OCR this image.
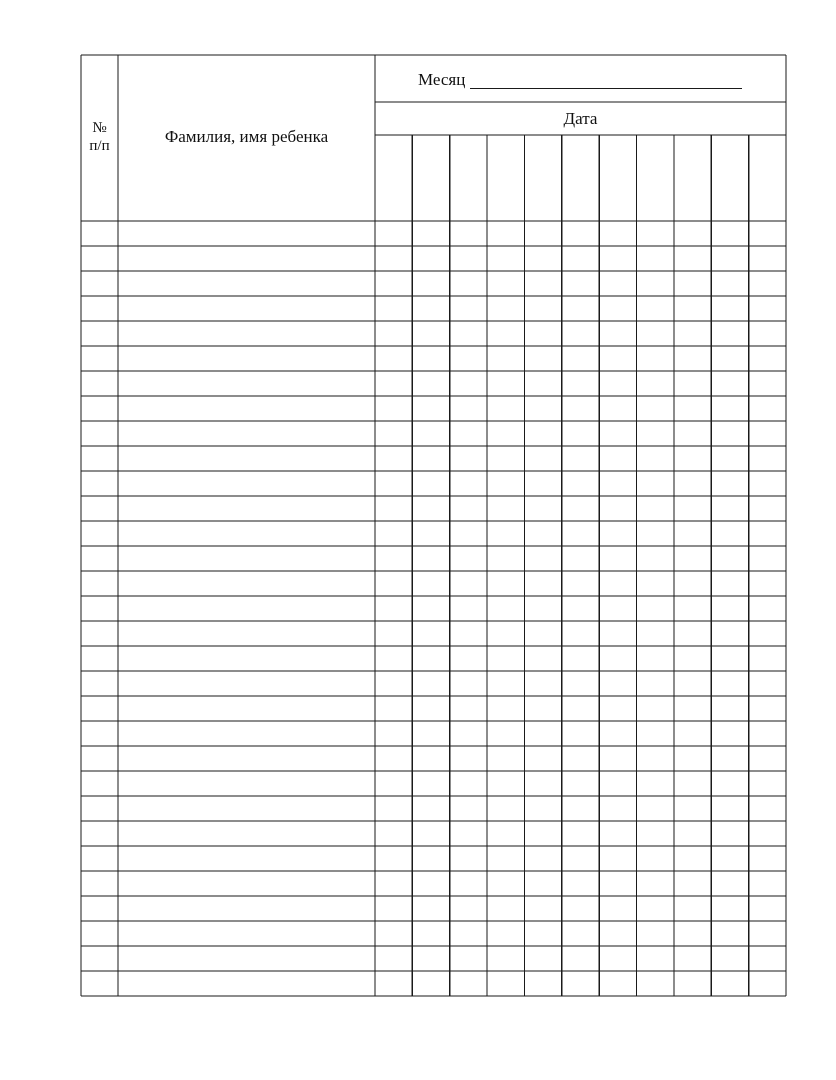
№
п/п	Фамилия, имя ребенка
Месяц
Дата
